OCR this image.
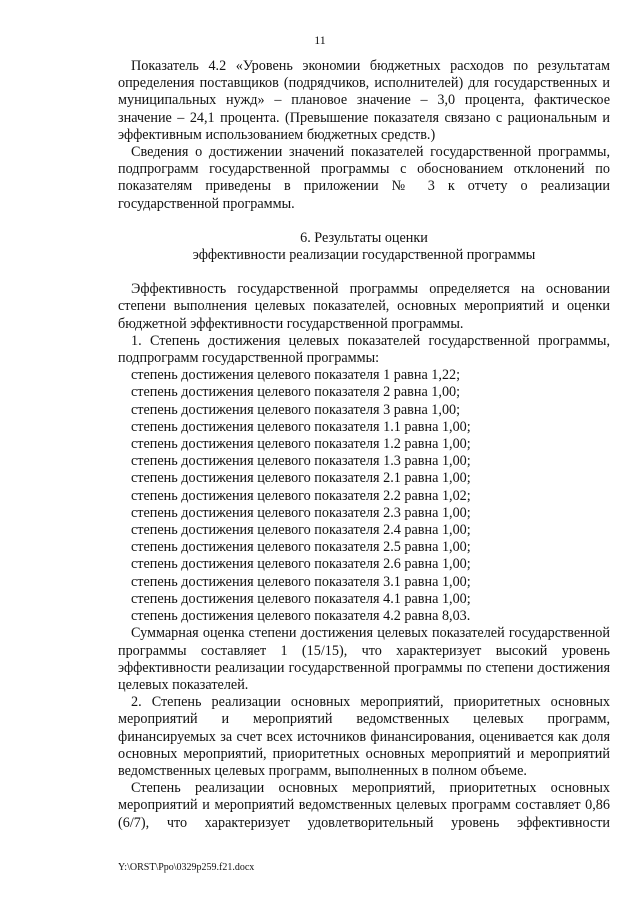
11

Показатель 4.2 «Уровень экономии бюджетных расходов по результатам определения поставщиков (подрядчиков, исполнителей) для государственных и муниципальных нужд» – плановое значение – 3,0 процента, фактическое значение – 24,1 процента. (Превышение показателя связано с рациональным и эффективным использованием бюджетных средств.)

Сведения о достижении значений показателей государственной программы, подпрограмм государственной программы с обоснованием отклонений по показателям приведены в приложении № 3 к отчету о реализации государственной программы.

6. Результаты оценки

эффективности реализации государственной программы

Эффективность государственной программы определяется на основании степени выполнения целевых показателей, основных мероприятий и оценки бюджетной эффективности государственной программы.

1. Степень достижения целевых показателей государственной программы, подпрограмм государственной программы:

степень достижения целевого показателя 1 равна 1,22;
степень достижения целевого показателя 2 равна 1,00;
степень достижения целевого показателя 3 равна 1,00;
степень достижения целевого показателя 1.1 равна 1,00;
степень достижения целевого показателя 1.2 равна 1,00;
степень достижения целевого показателя 1.3 равна 1,00;
степень достижения целевого показателя 2.1 равна 1,00;
степень достижения целевого показателя 2.2 равна 1,02;
степень достижения целевого показателя 2.3 равна 1,00;
степень достижения целевого показателя 2.4 равна 1,00;
степень достижения целевого показателя 2.5 равна 1,00;
степень достижения целевого показателя 2.6 равна 1,00;
степень достижения целевого показателя 3.1 равна 1,00;
степень достижения целевого показателя 4.1 равна 1,00;
степень достижения целевого показателя 4.2 равна 8,03.

Суммарная оценка степени достижения целевых показателей государственной программы составляет 1 (15/15), что характеризует высокий уровень эффективности реализации государственной программы по степени достижения целевых показателей.

2. Степень реализации основных мероприятий, приоритетных основных мероприятий и мероприятий ведомственных целевых программ, финансируемых за счет всех источников финансирования, оценивается как доля основных мероприятий, приоритетных основных мероприятий и мероприятий ведомственных целевых программ, выполненных в полном объеме.

Степень реализации основных мероприятий, приоритетных основных мероприятий и мероприятий ведомственных целевых программ составляет 0,86 (6/7), что характеризует удовлетворительный уровень эффективности

Y:\ORST\Ppo\0329p259.f21.docx
